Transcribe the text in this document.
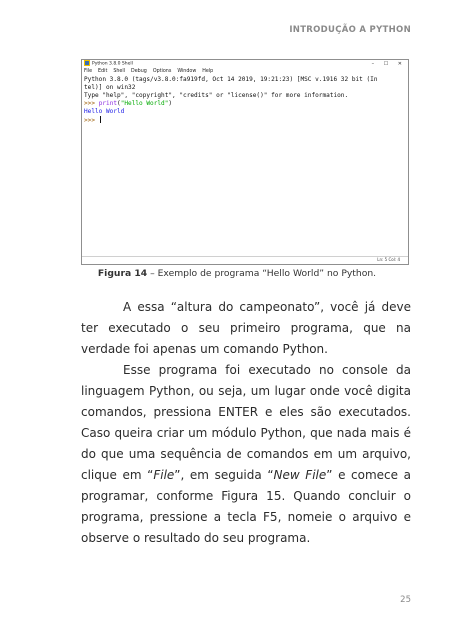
INTRODUÇÃO A PYTHON
Python 3.8.0 Shell	– ☐ ✕
File Edit Shell Debug Options Window Help
Python 3.8.0 (tags/v3.8.0:fa919fd, Oct 14 2019, 19:21:23) [MSC v.1916 32 bit (In
tel)] on win32
Type "help", "copyright", "credits" or "license()" for more information.
>>> print("Hello World")
Hello World
>>>
Ln: 5 Col: 4
Figura 14 – Exemplo de programa “Hello World” no Python.

A essa “altura do campeonato”, você já deve ter executado o seu primeiro programa, que na verdade foi apenas um comando Python.

Esse programa foi executado no console da linguagem Python, ou seja, um lugar onde você digita comandos, pressiona ENTER e eles são executados. Caso queira criar um módulo Python, que nada mais é do que uma sequência de comandos em um arquivo, clique em “File”, em seguida “New File” e comece a programar, conforme Figura 15. Quando concluir o programa, pressione a tecla F5, nomeie o arquivo e observe o resultado do seu programa.

25
